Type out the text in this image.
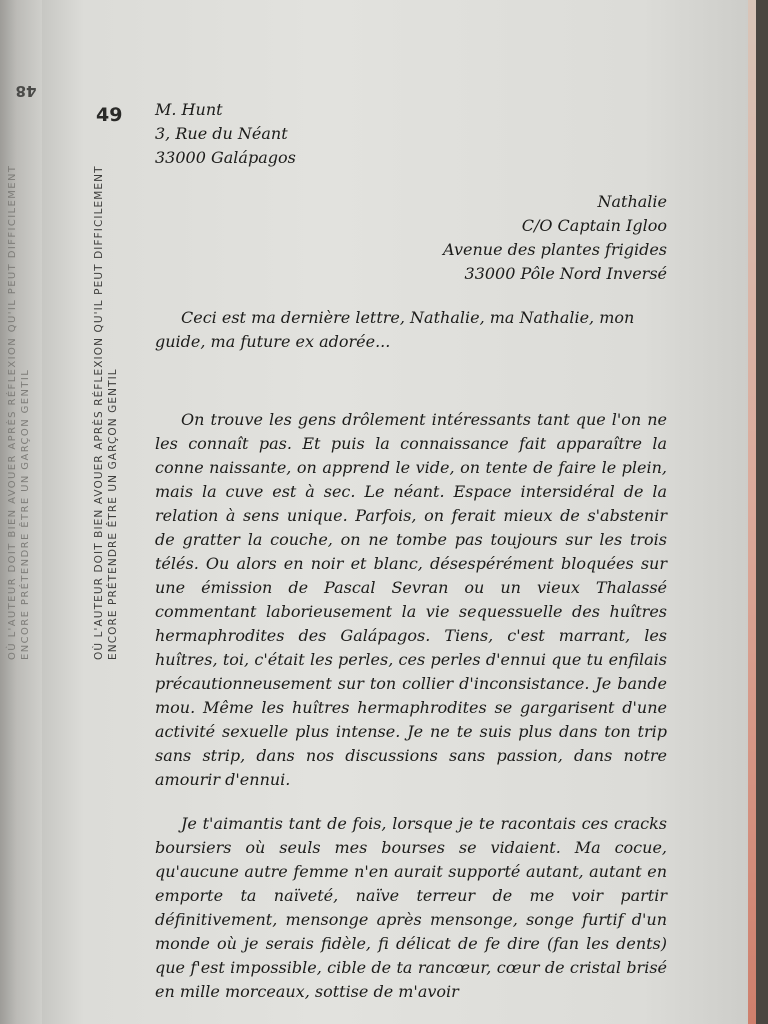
48
OÙ L'AUTEUR DOIT BIEN AVOUER APRÈS RÉFLEXION QU'IL PEUT DIFFICILEMENT ENCORE PRÉTENDRE ÊTRE UN GARÇON GENTIL
49
OÙ L'AUTEUR DOIT BIEN AVOUER APRÈS RÉFLEXION QU'IL PEUT DIFFICILEMENT ENCORE PRÉTENDRE ÊTRE UN GARÇON GENTIL
M. Hunt
3, Rue du Néant
33000 Galápagos
Nathalie
C/O Captain Igloo
Avenue des plantes frigides
33000 Pôle Nord Inversé

Ceci est ma dernière lettre, Nathalie, ma Nathalie, mon guide, ma future ex adorée...

On trouve les gens drôlement intéressants tant que l'on ne les connaît pas. Et puis la connaissance fait apparaître la conne naissante, on apprend le vide, on tente de faire le plein, mais la cuve est à sec. Le néant. Espace intersidéral de la relation à sens unique. Parfois, on ferait mieux de s'abstenir de gratter la couche, on ne tombe pas toujours sur les trois télés. Ou alors en noir et blanc, désespérément bloquées sur une émission de Pascal Sevran ou un vieux Thalassé commentant laborieusement la vie sequessuelle des huîtres hermaphrodites des Galápagos. Tiens, c'est marrant, les huîtres, toi, c'était les perles, ces perles d'ennui que tu enfilais précautionneusement sur ton collier d'inconsistance. Je bande mou. Même les huîtres hermaphrodites se gargarisent d'une activité sexuelle plus intense. Je ne te suis plus dans ton trip sans strip, dans nos discussions sans passion, dans notre amourir d'ennui.

Je t'aimantis tant de fois, lorsque je te racontais ces cracks boursiers où seuls mes bourses se vidaient. Ma cocue, qu'aucune autre femme n'en aurait supporté autant, autant en emporte ta naïveté, naïve terreur de me voir partir définitivement, mensonge après mensonge, songe furtif d'un monde où je serais fidèle, fi délicat de fe dire (fan les dents) que f'est impossible, cible de ta rancœur, cœur de cristal brisé en mille morceaux, sottise de m'avoir
